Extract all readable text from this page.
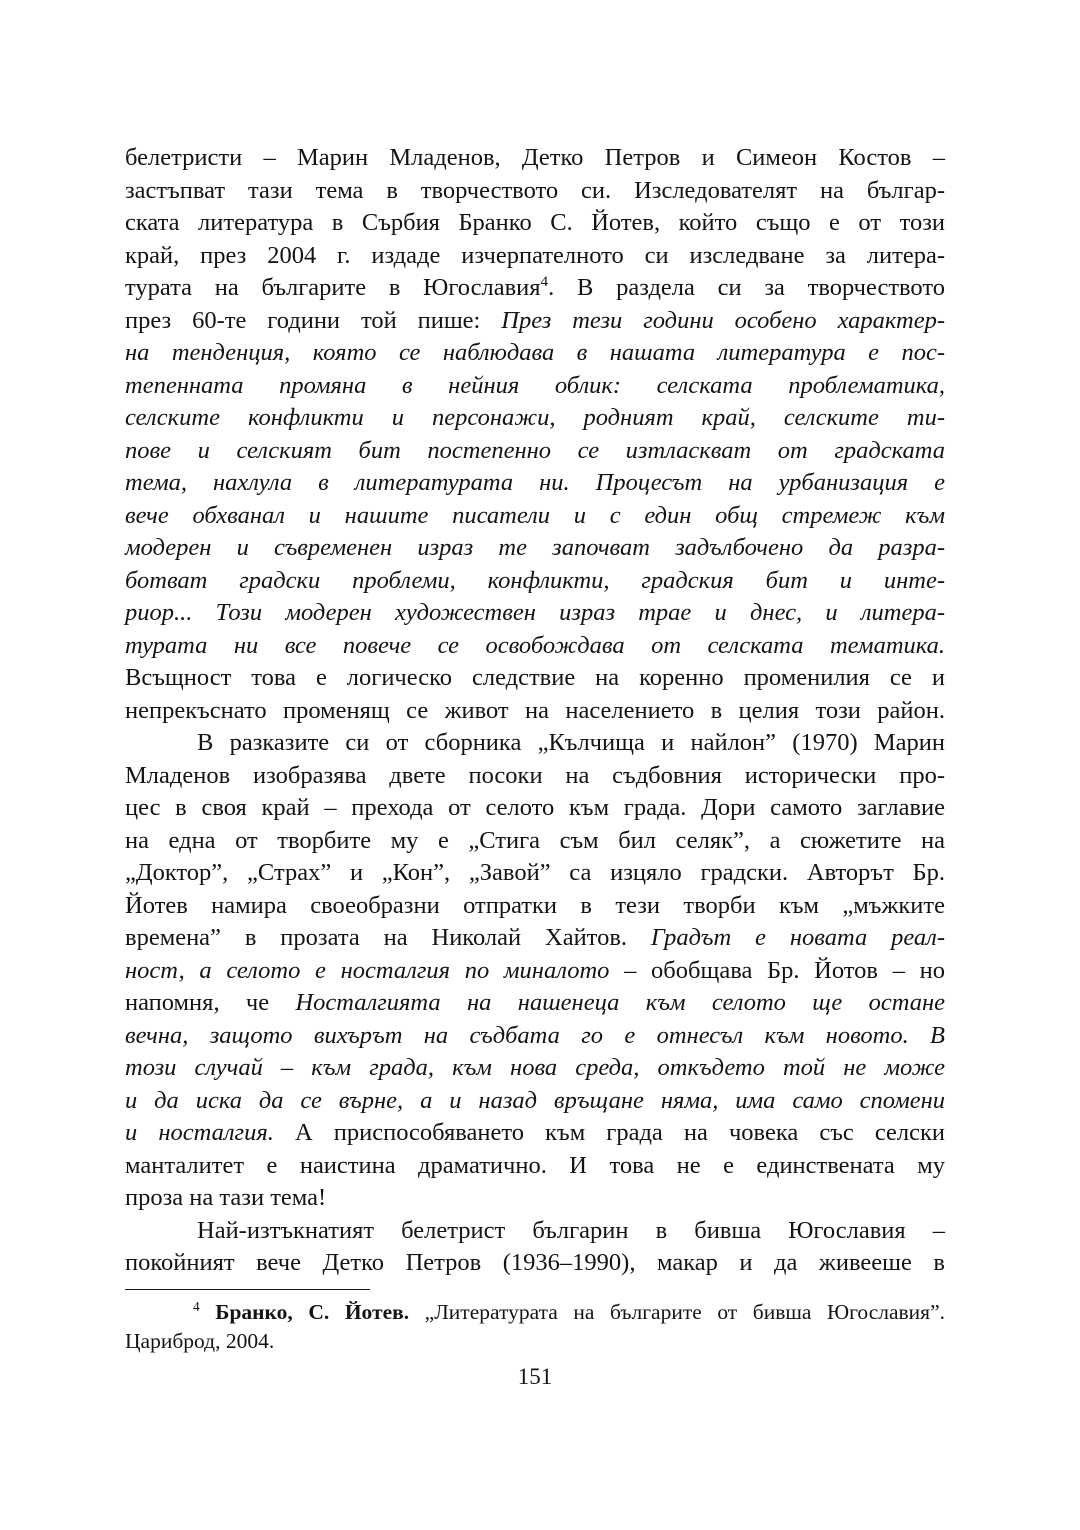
белетристи – Марин Младенов, Детко Петров и Симеон Костов –
застъпват тази тема в творчеството си. Изследователят на българ-
ската литература в Сърбия Бранко С. Йотев, който също е от този
край, през 2004 г. издаде изчерпателното си изследване за литера-
турата на българите в Югославия$^4$. В раздела си за творчеството
през 60-те години той пише: През тези години особено характер-
на тенденция, която се наблюдава в нашата литература е пос-
тепенната промяна в нейния облик: селската проблематика,
селските конфликти и персонажи, родният край, селските ти-
пове и селският бит постепенно се изтласкват от градската
тема, нахлула в литературата ни. Процесът на урбанизация е
вече обхванал и нашите писатели и с един общ стремеж към
модерен и съвременен израз те започват задълбочено да разра-
ботват градски проблеми, конфликти, градския бит и инте-
риор... Този модерен художествен израз трае и днес, и литера-
турата ни все повече се освобождава от селската тематика.
Всъщност това е логическо следствие на коренно променилия се и
непрекъснато променящ се живот на населението в целия този район.
В разказите си от сборника „Кълчища и найлон” (1970) Марин
Младенов изобразява двете посоки на съдбовния исторически про-
цес в своя край – прехода от селото към града. Дори самото заглавие
на една от творбите му е „Стига съм бил селяк”, а сюжетите на
„Доктор”, „Страх” и „Кон”, „Завой” са изцяло градски. Авторът Бр.
Йотев намира своеобразни отпратки в тези творби към „мъжките
времена” в прозата на Николай Хайтов. Градът е новата реал-
ност, а селото е носталгия по миналото – обобщава Бр. Йотов – но
напомня, че Носталгията на нашенеца към селото ще остане
вечна, защото вихърът на съдбата го е отнесъл към новото. В
този случай – към града, към нова среда, откъдето той не може
и да иска да се върне, а и назад връщане няма, има само спомени
и носталгия. А приспособяването към града на човека със селски
манталитет е наистина драматично. И това не е единствената му
проза на тази тема!
Най-изтъкнатият белетрист българин в бивша Югославия –
покойният вече Детко Петров (1936–1990), макар и да живееше в
$^4$ Бранко, С. Йотев. „Литературата на българите от бивша Югославия”.
Цариброд, 2004.
151
